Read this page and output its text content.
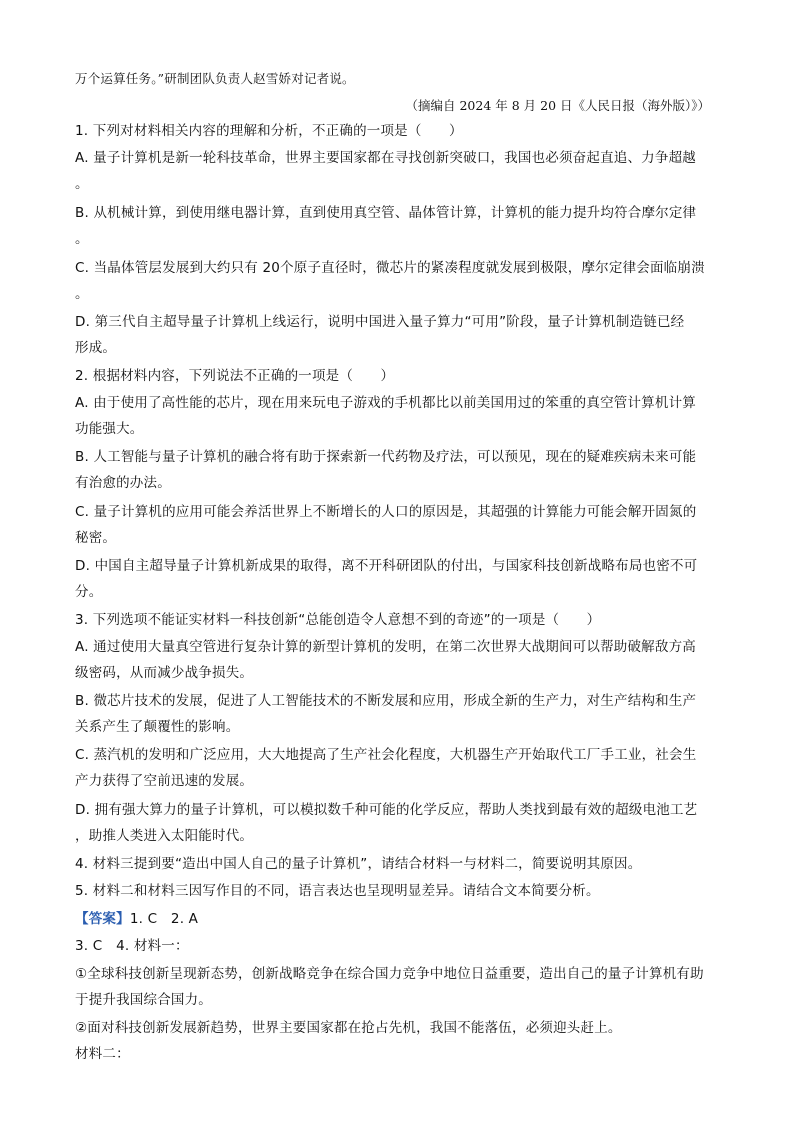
万个运算任务。”研制团队负责人赵雪娇对记者说。
（摘编自 2024 年 8 月 20 日《人民日报（海外版）》）
1. 下列对材料相关内容的理解和分析，不正确的一项是（　　）
A. 量子计算机是新一轮科技革命，世界主要国家都在寻找创新突破口，我国也必须奋起直追、力争超越
。
B. 从机械计算，到使用继电器计算，直到使用真空管、晶体管计算，计算机的能力提升均符合摩尔定律
。
C. 当晶体管层发展到大约只有 20个原子直径时，微芯片的紧凑程度就发展到极限，摩尔定律会面临崩溃
。
D. 第三代自主超导量子计算机上线运行，说明中国进入量子算力“可用”阶段，量子计算机制造链已经
形成。
2. 根据材料内容，下列说法不正确的一项是（　　）
A. 由于使用了高性能的芯片，现在用来玩电子游戏的手机都比以前美国用过的笨重的真空管计算机计算
功能强大。
B. 人工智能与量子计算机的融合将有助于探索新一代药物及疗法，可以预见，现在的疑难疾病未来可能
有治愈的办法。
C. 量子计算机的应用可能会养活世界上不断增长的人口的原因是，其超强的计算能力可能会解开固氮的
秘密。
D. 中国自主超导量子计算机新成果的取得，离不开科研团队的付出，与国家科技创新战略布局也密不可
分。
3. 下列选项不能证实材料一科技创新“总能创造令人意想不到的奇迹”的一项是（　　）
A. 通过使用大量真空管进行复杂计算的新型计算机的发明，在第二次世界大战期间可以帮助破解敌方高
级密码，从而减少战争损失。
B. 微芯片技术的发展，促进了人工智能技术的不断发展和应用，形成全新的生产力，对生产结构和生产
关系产生了颠覆性的影响。
C. 蒸汽机的发明和广泛应用，大大地提高了生产社会化程度，大机器生产开始取代工厂手工业，社会生
产力获得了空前迅速的发展。
D. 拥有强大算力的量子计算机，可以模拟数千种可能的化学反应，帮助人类找到最有效的超级电池工艺
，助推人类进入太阳能时代。
4. 材料三提到要“造出中国人自己的量子计算机”，请结合材料一与材料二，简要说明其原因。
5. 材料二和材料三因写作目的不同，语言表达也呈现明显差异。请结合文本简要分析。
【答案】1. C　2. A
3. C　4. 材料一：
①全球科技创新呈现新态势，创新战略竞争在综合国力竞争中地位日益重要，造出自己的量子计算机有助
于提升我国综合国力。
②面对科技创新发展新趋势，世界主要国家都在抢占先机，我国不能落伍，必须迎头赶上。
材料二：
